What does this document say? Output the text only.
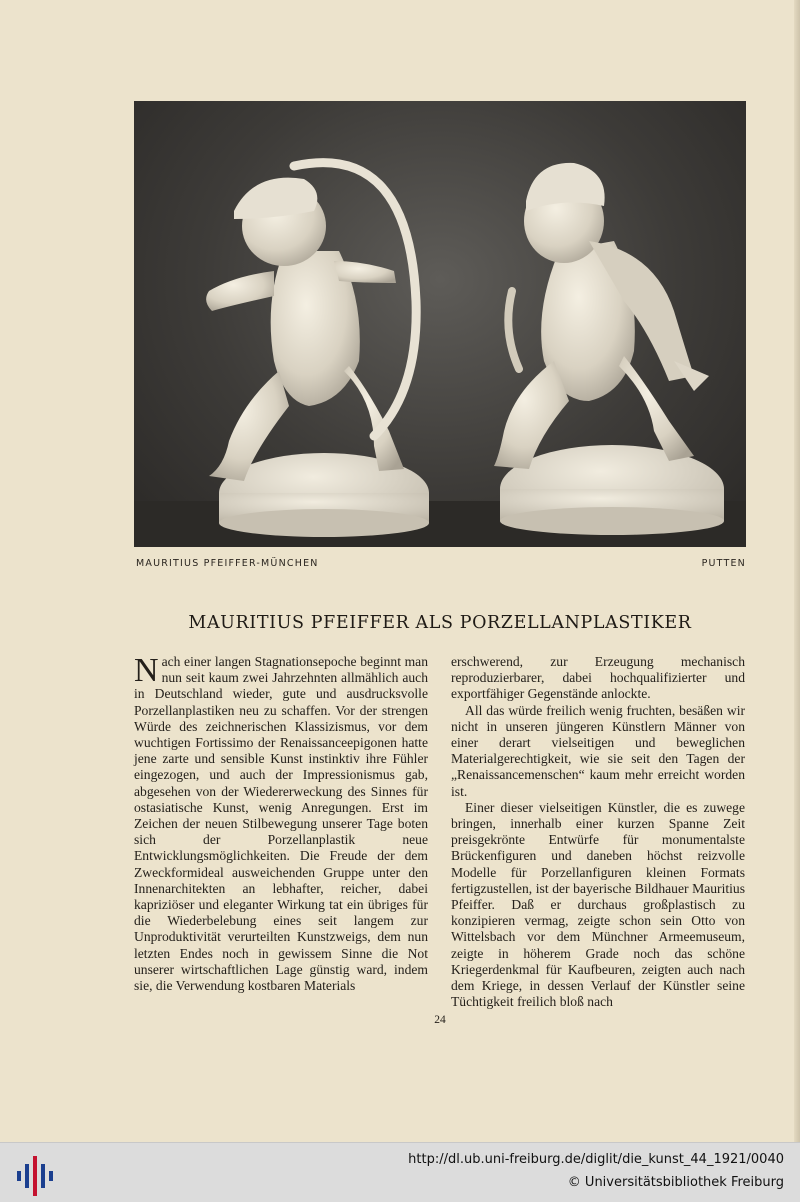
MAURITIUS PFEIFFER-MÜNCHEN	PUTTEN
MAURITIUS PFEIFFER ALS PORZELLANPLASTIKER

Nach einer langen Stagnationsepoche beginnt man nun seit kaum zwei Jahrzehnten allmählich auch in Deutschland wieder, gute und ausdrucksvolle Porzellanplastiken neu zu schaffen. Vor der strengen Würde des zeichnerischen Klassizismus, vor dem wuchtigen Fortissimo der Renaissanceepigonen hatte jene zarte und sensible Kunst instinktiv ihre Fühler eingezogen, und auch der Impressionismus gab, abgesehen von der Wiedererweckung des Sinnes für ostasiatische Kunst, wenig Anregungen. Erst im Zeichen der neuen Stilbewegung unserer Tage boten sich der Porzellanplastik neue Entwicklungsmöglichkeiten. Die Freude der dem Zweckformideal ausweichenden Gruppe unter den Innenarchitekten an lebhafter, reicher, dabei kapriziöser und eleganter Wirkung tat ein übriges für die Wiederbelebung eines seit langem zur Unproduktivität verurteilten Kunstzweigs, dem nun letzten Endes noch in gewissem Sinne die Not unserer wirtschaftlichen Lage günstig ward, indem sie, die Verwendung kostbaren Materials

erschwerend, zur Erzeugung mechanisch reproduzierbarer, dabei hochqualifizierter und exportfähiger Gegenstände anlockte.

All das würde freilich wenig fruchten, besäßen wir nicht in unseren jüngeren Künstlern Männer von einer derart vielseitigen und beweglichen Materialgerechtigkeit, wie sie seit den Tagen der „Renaissancemenschen“ kaum mehr erreicht worden ist.

Einer dieser vielseitigen Künstler, die es zuwege bringen, innerhalb einer kurzen Spanne Zeit preisgekrönte Entwürfe für monumentalste Brückenfiguren und daneben höchst reizvolle Modelle für Porzellanfiguren kleinen Formats fertigzustellen, ist der bayerische Bildhauer Mauritius Pfeiffer. Daß er durchaus großplastisch zu konzipieren vermag, zeigte schon sein Otto von Wittelsbach vor dem Münchner Armeemuseum, zeigte in höherem Grade noch das schöne Kriegerdenkmal für Kaufbeuren, zeigten auch nach dem Kriege, in dessen Verlauf der Künstler seine Tüchtigkeit freilich bloß nach

24
http://dl.ub.uni-freiburg.de/diglit/die_kunst_44_1921/0040
© Universitätsbibliothek Freiburg
